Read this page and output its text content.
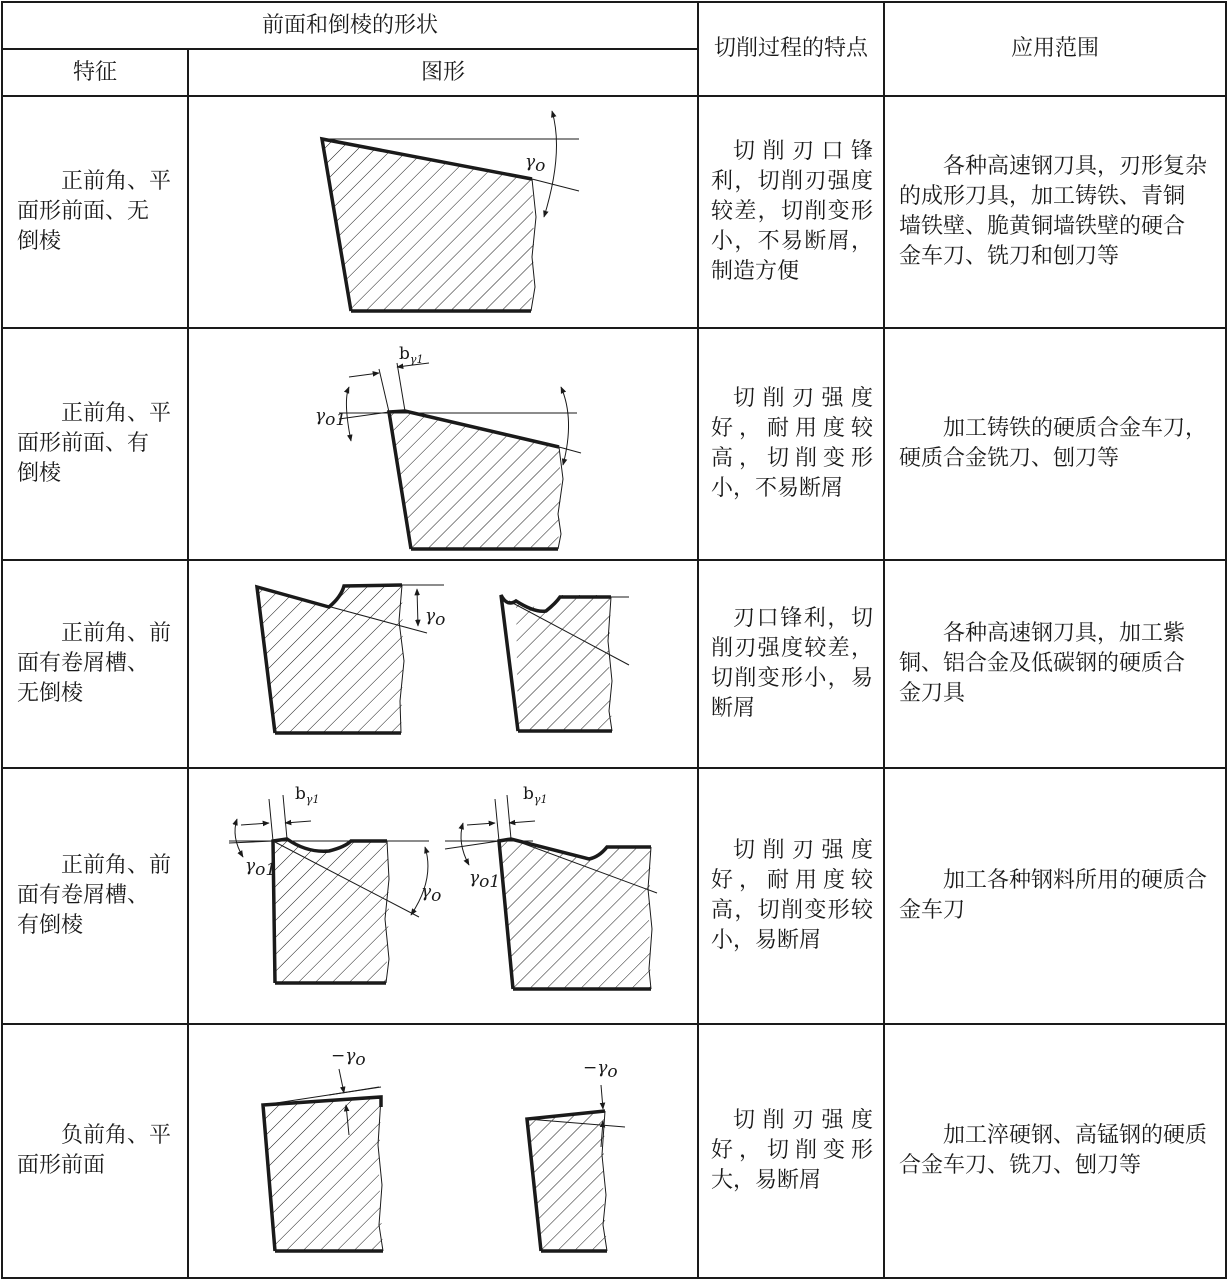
前面和倒棱的形状		切削过程的特点	应用范围
特征	图形		

正前角、平
面形前面、无
倒棱	γo	切削刃口锋利，切削刃强度较差，切削变形小，不易断屑，制造方便	各种高速钢刀具，刃形复杂
的成形刀具，加工铸铁、青铜
墙铁壁、脆黄铜墙铁壁的硬合
金车刀、铣刀和刨刀等

正前角、平
面形前面、有
倒棱	$b_{\gamma 1}$
γo1	切削刃强度好，耐用度较高，切削变形小，不易断屑	加工铸铁的硬质合金车刀，
硬质合金铣刀、刨刀等

正前角、前
面有卷屑槽、
无倒棱	γo	刃口锋利，切削刃强度较差，切削变形小，易断屑	各种高速钢刀具，加工紫
铜、铝合金及低碳钢的硬质合
金刀具

正前角、前
面有卷屑槽、
有倒棱	$b_{\gamma 1}$
γo1
γo
$b_{\gamma 1}$
γo1	切削刃强度好，耐用度较高，切削变形较小，易断屑	加工各种钢料所用的硬质合
金车刀

负前角、平
面形前面	−γo −γo	切削刃强度好，切削变形大，易断屑	加工淬硬钢、高锰钢的硬质
合金车刀、铣刀、刨刀等
